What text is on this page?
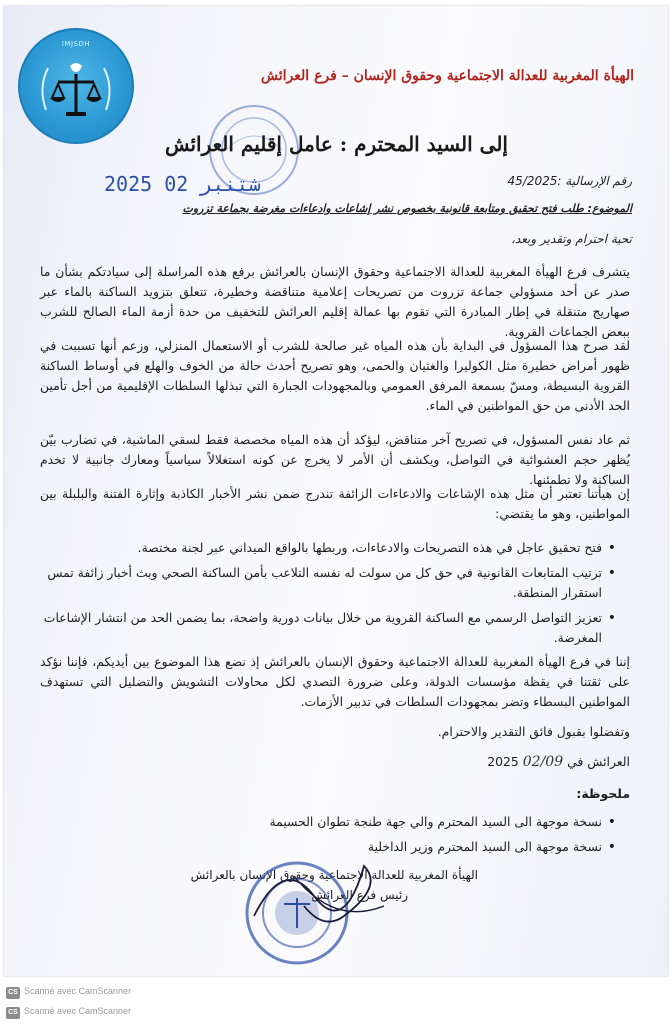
IMJSDH
الهيأة المغربية للعدالة الاجتماعية وحقوق الإنسان – فرع العرائش
إلى السيد المحترم : عامل إقليم العرائش
2025 شتنبر 02	رقم الإرسالية :45/2025
الموضوع: طلب فتح تحقيق ومتابعة قانونية بخصوص نشر إشاعات وادعاءات مغرضة بجماعة تزروت
تحية احترام وتقدير وبعد،
يتشرف فرع الهيأة المغربية للعدالة الاجتماعية وحقوق الإنسان بالعرائش برفع هذه المراسلة إلى سيادتكم بشأن ما صدر عن أحد مسؤولي جماعة تزروت من تصريحات إعلامية متناقضة وخطيرة، تتعلق بتزويد الساكنة بالماء عبر صهاريج متنقلة في إطار المبادرة التي تقوم بها عمالة إقليم العرائش للتخفيف من حدة أزمة الماء الصالح للشرب ببعض الجماعات القروية.
لقد صرح هذا المسؤول في البداية بأن هذه المياه غير صالحة للشرب أو الاستعمال المنزلي، وزعم أنها تسببت في ظهور أمراض خطيرة مثل الكوليرا والغثيان والحمى، وهو تصريح أحدث حالة من الخوف والهلع في أوساط الساكنة القروية البسيطة، ومسّ بسمعة المرفق العمومي وبالمجهودات الجبارة التي تبذلها السلطات الإقليمية من أجل تأمين الحد الأدنى من حق المواطنين في الماء.
ثم عاد نفس المسؤول، في تصريح آخر متناقض، ليؤكد أن هذه المياه مخصصة فقط لسقي الماشية، في تضارب بيّن يُظهر حجم العشوائية في التواصل، ويكشف أن الأمر لا يخرج عن كونه استغلالاً سياسياً ومعارك جانبية لا تخدم الساكنة ولا تطمئنها.
إن هيأتنا تعتبر أن مثل هذه الإشاعات والادعاءات الزائفة تندرج ضمن نشر الأخبار الكاذبة وإثارة الفتنة والبلبلة بين المواطنين، وهو ما يقتضي:
• فتح تحقيق عاجل في هذه التصريحات والادعاءات، وربطها بالواقع الميداني عبر لجنة مختصة.
• ترتيب المتابعات القانونية في حق كل من سولت له نفسه التلاعب بأمن الساكنة الصحي وبث أخبار زائفة تمس استقرار المنطقة.
• تعزيز التواصل الرسمي مع الساكنة القروية من خلال بيانات دورية واضحة، بما يضمن الحد من انتشار الإشاعات المغرضة.
إننا في فرع الهيأة المغربية للعدالة الاجتماعية وحقوق الإنسان بالعرائش إذ نضع هذا الموضوع بين أيديكم، فإننا نؤكد على ثقتنا في يقظة مؤسسات الدولة، وعلى ضرورة التصدي لكل محاولات التشويش والتضليل التي تستهدف المواطنين البسطاء وتضر بمجهودات السلطات في تدبير الأزمات.
وتفضلوا بقبول فائق التقدير والاحترام.
العرائش في 02/09 2025
ملحوظة:
• نسخة موجهة الى السيد المحترم والي جهة طنجة تطوان الحسيمة
• نسخة موجهة الى السيد المحترم وزير الداخلية
الهيأة المغربية للعدالة الاجتماعية وحقوق الإنسان بالعرائش
رئيس فرع العرائش
CS Scanné avec CamScanner
CS Scanné avec CamScanner
